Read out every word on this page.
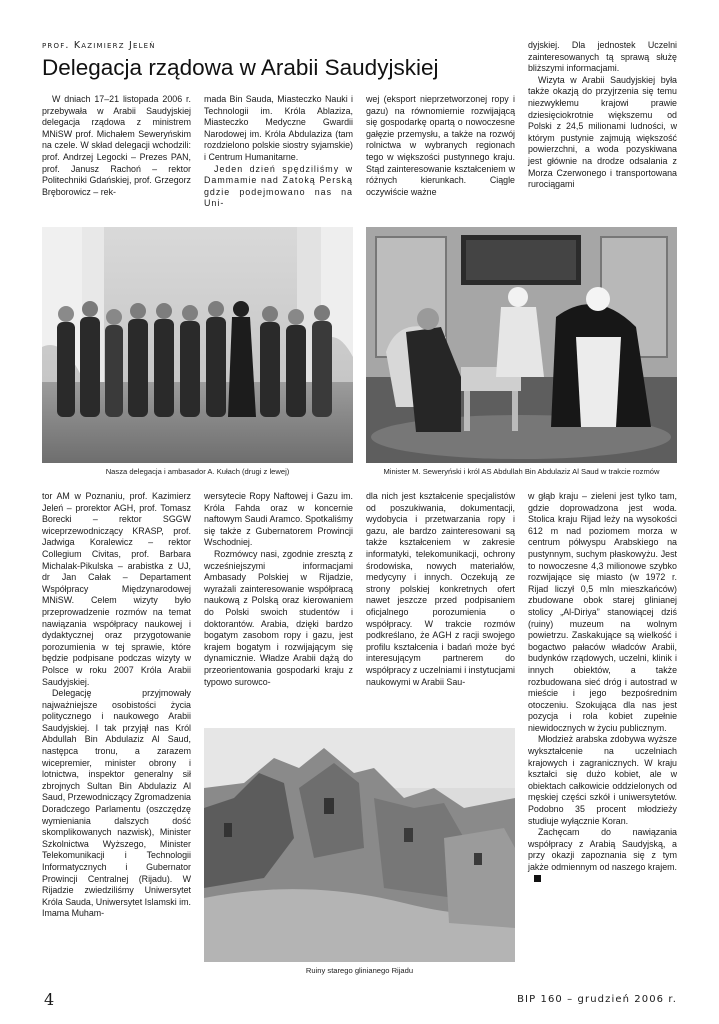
prof. Kazimierz Jeleń
Delegacja rządowa w Arabii Saudyjskiej

W dniach 17–21 listopada 2006 r. przebywała w Arabii Saudyjskiej delegacja rządowa z ministrem MNiSW prof. Michałem Seweryńskim na czele. W skład delegacji wchodzili: prof. Andrzej Legocki – Prezes PAN, prof. Janusz Rachoń – rektor Politechniki Gdańskiej, prof. Grzegorz Bręborowicz – rek-

mada Bin Sauda, Miasteczko Nauki i Technologii im. Króla Ablaziza, Miasteczko Medyczne Gwardii Narodowej im. Króla Abdulaziza (tam rozdzielono polskie siostry syjamskie) i Centrum Humanitarne.

Jeden dzień spędziliśmy w Dammamie nad Zatoką Perską gdzie podejmowano nas na Uni-

wej (eksport nieprzetworzonej ropy i gazu) na równomiernie rozwijającą się gospodarkę opartą o nowoczesne gałęzie przemysłu, a także na rozwój rolnictwa w wybranych regionach tego w większości pustynnego kraju. Stąd zainteresowanie kształceniem w różnych kierunkach. Ciągle oczywiście ważne

dyjskiej. Dla jednostek Uczelni zainteresowanych tą sprawą służę bliższymi informacjami.

Wizyta w Arabii Saudyjskiej była także okazją do przyjrzenia się temu niezwykłemu krajowi prawie dziesięciokrotnie większemu od Polski z 24,5 milionami ludności, w którym pustynie zajmują większość powierzchni, a woda pozyskiwana jest głównie na drodze odsalania z Morza Czerwonego i transportowana rurociągami

Nasza delegacja i ambasador A. Kułach (drugi z lewej)	Minister M. Seweryński i król AS Abdullah Bin Abdulaziz Al Saud w trakcie rozmów

tor AM w Poznaniu, prof. Kazimierz Jeleń – prorektor AGH, prof. Tomasz Borecki – rektor SGGW wiceprzewodniczący KRASP, prof. Jadwiga Koralewicz – rektor Collegium Civitas, prof. Barbara Michalak-Pikulska – arabistka z UJ, dr Jan Całak – Departament Współpracy Międzynarodowej MNiSW. Celem wizyty było przeprowadzenie rozmów na temat nawiązania współpracy naukowej i dydaktycznej oraz przygotowanie porozumienia w tej sprawie, które będzie podpisane podczas wizyty w Polsce w roku 2007 Króla Arabii Saudyjskiej.

Delegację przyjmowały najważniejsze osobistości życia politycznego i naukowego Arabii Saudyjskiej. I tak przyjął nas Król Abdullah Bin Abdulaziz Al Saud, następca tronu, a zarazem wicepremier, minister obrony i lotnictwa, inspektor generalny sił zbrojnych Sultan Bin Abdulaziz Al Saud, Przewodniczący Zgromadzenia Doradczego Parlamentu (oszczędzę wymieniania dalszych dość skomplikowanych nazwisk), Minister Szkolnictwa Wyższego, Minister Telekomunikacji i Technologii Informatycznych i Gubernator Prowincji Centralnej (Rijadu). W Rijadzie zwiedziliśmy Uniwersytet Króla Sauda, Uniwersytet Islamski im. Imama Muham-

wersytecie Ropy Naftowej i Gazu im. Króla Fahda oraz w koncernie naftowym Saudi Aramco. Spotkaliśmy się także z Gubernatorem Prowincji Wschodniej.

Rozmówcy nasi, zgodnie zresztą z wcześniejszymi informacjami Ambasady Polskiej w Rijadzie, wyrażali zainteresowanie współpracą naukową z Polską oraz kierowaniem do Polski swoich studentów i doktorantów. Arabia, dzięki bardzo bogatym zasobom ropy i gazu, jest krajem bogatym i rozwijającym się dynamicznie. Władze Arabii dążą do przeorientowania gospodarki kraju z typowo surowco-

dla nich jest kształcenie specjalistów od poszukiwania, dokumentacji, wydobycia i przetwarzania ropy i gazu, ale bardzo zainteresowani są także kształceniem w zakresie informatyki, telekomunikacji, ochrony środowiska, nowych materiałów, medycyny i innych. Oczekują ze strony polskiej konkretnych ofert nawet jeszcze przed podpisaniem oficjalnego porozumienia o współpracy. W trakcie rozmów podkreślano, że AGH z racji swojego profilu kształcenia i badań może być interesującym partnerem do współpracy z uczelniami i instytucjami naukowymi w Arabii Sau-

w głąb kraju – zieleni jest tylko tam, gdzie doprowadzona jest woda. Stolica kraju Rijad leży na wysokości 612 m nad poziomem morza w centrum półwyspu Arabskiego na pustynnym, suchym płaskowyżu. Jest to nowoczesne 4,3 milionowe szybko rozwijające się miasto (w 1972 r. Rijad liczył 0,5 mln mieszkańców) zbudowane obok starej glinianej stolicy „Al-Diriya” stanowiącej dziś (ruiny) muzeum na wolnym powietrzu. Zaskakujące są wielkość i bogactwo pałaców władców Arabii, budynków rządowych, uczelni, klinik i innych obiektów, a także rozbudowana sieć dróg i autostrad w mieście i jego bezpośrednim otoczeniu. Szokująca dla nas jest pozycja i rola kobiet zupełnie niewidocznych w życiu publicznym.

Młodzież arabska zdobywa wyższe wykształcenie na uczelniach krajowych i zagranicznych. W kraju kształci się dużo kobiet, ale w obiektach całkowicie oddzielonych od męskiej części szkół i uniwersytetów. Podobno 35 procent młodzieży studiuje wyłącznie Koran.

Zachęcam do nawiązania współpracy z Arabią Saudyjską, a przy okazji zapoznania się z tym jakże odmiennym od naszego krajem.

Ruiny starego glinianego Rijadu
4	BIP 160 – grudzień 2006 r.
